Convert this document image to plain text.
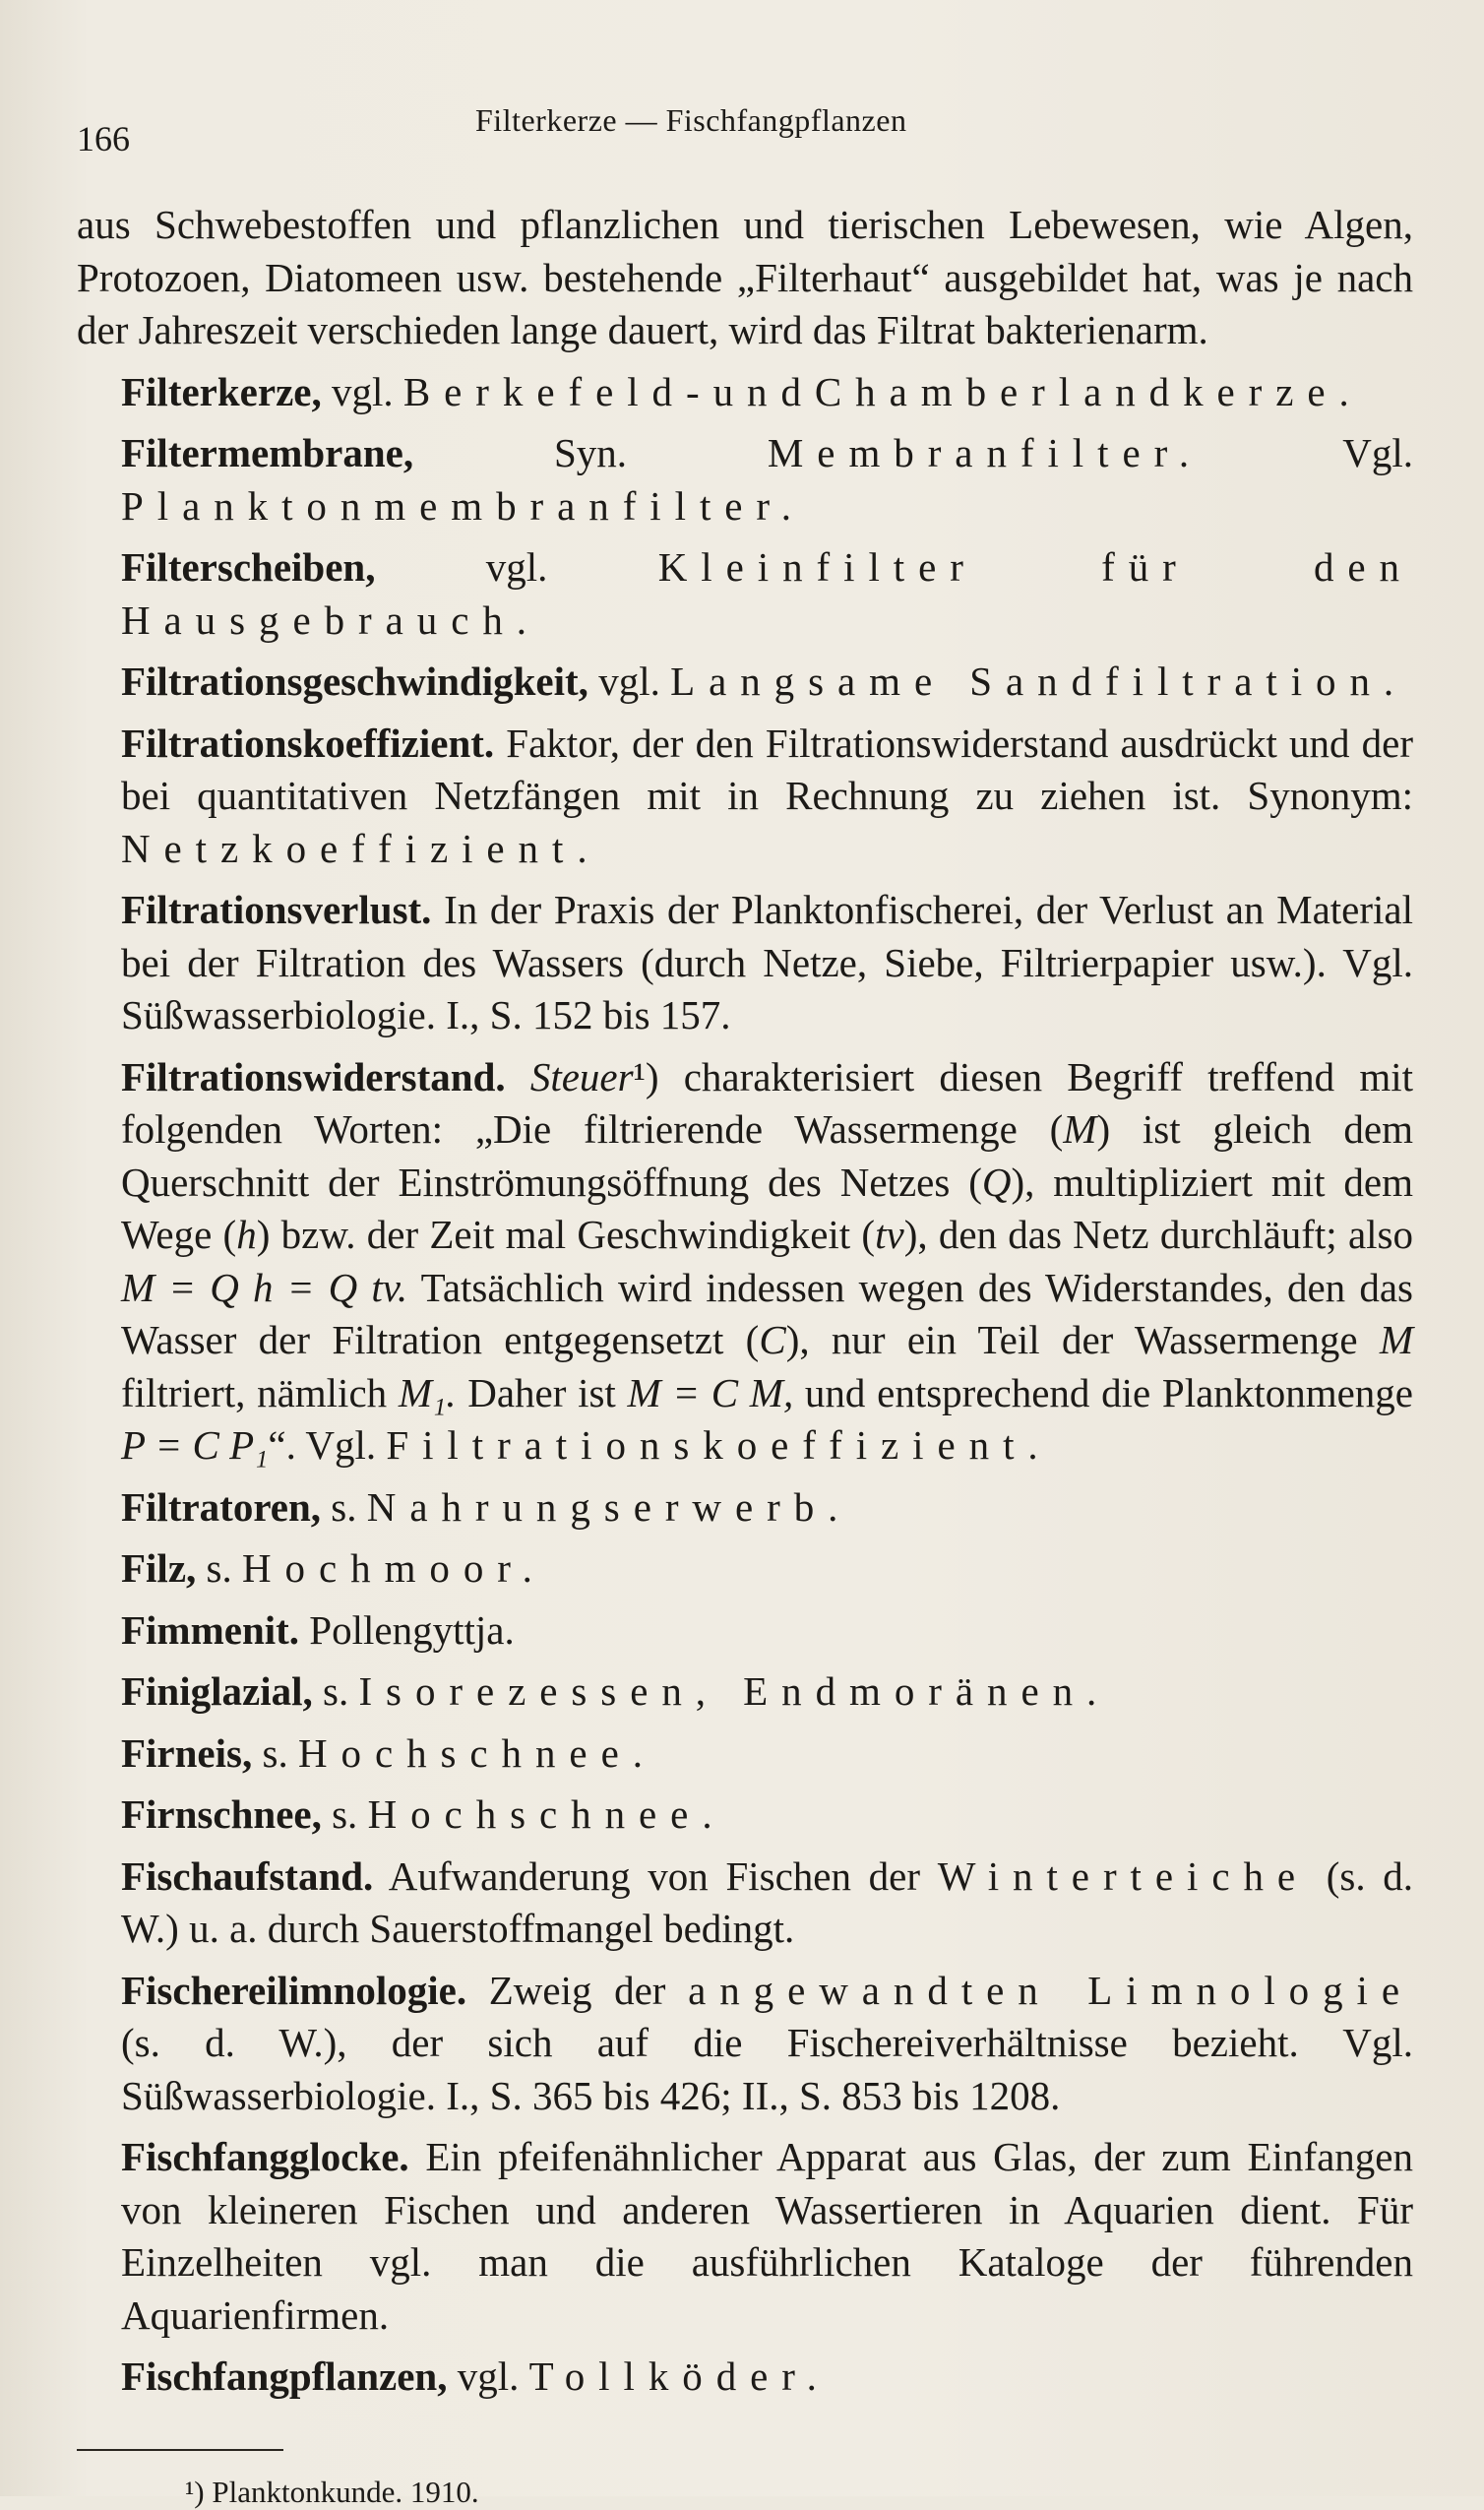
166	Filterkerze — Fischfangpflanzen

aus Schwebestoffen und pflanzlichen und tierischen Lebewesen, wie Algen, Protozoen, Diatomeen usw. bestehende „Filterhaut“ ausgebildet hat, was je nach der Jahreszeit verschieden lange dauert, wird das Filtrat bakterienarm.

Filterkerze, vgl. Berkefeld-undChamberlandkerze.

Filtermembrane, Syn. Membranfilter. Vgl. Planktonmembranfilter.

Filterscheiben, vgl. Kleinfilter für den Hausgebrauch.

Filtrationsgeschwindigkeit, vgl. Langsame Sandfiltration.

Filtrationskoeffizient. Faktor, der den Filtrationswiderstand ausdrückt und der bei quantitativen Netzfängen mit in Rechnung zu ziehen ist. Synonym: Netzkoeffizient.

Filtrationsverlust. In der Praxis der Planktonfischerei, der Verlust an Material bei der Filtration des Wassers (durch Netze, Siebe, Filtrierpapier usw.). Vgl. Süßwasserbiologie. I., S. 152 bis 157.

Filtrationswiderstand. Steuer¹) charakterisiert diesen Begriff treffend mit folgenden Worten: „Die filtrierende Wassermenge (M) ist gleich dem Querschnitt der Einströmungsöffnung des Netzes (Q), multipliziert mit dem Wege (h) bzw. der Zeit mal Geschwindigkeit (tv), den das Netz durchläuft; also M = Q h = Q tv. Tatsächlich wird indessen wegen des Widerstandes, den das Wasser der Filtration entgegensetzt (C), nur ein Teil der Wassermenge M filtriert, nämlich M₁. Daher ist M = C M, und entsprechend die Planktonmenge P = C P₁“. Vgl. Filtrationskoeffizient.

Filtratoren, s. Nahrungserwerb.

Filz, s. Hochmoor.

Fimmenit. Pollengyttja.

Finiglazial, s. Isorezessen, Endmoränen.

Firneis, s. Hochschnee.

Firnschnee, s. Hochschnee.

Fischaufstand. Aufwanderung von Fischen der Winterteiche (s. d. W.) u. a. durch Sauerstoffmangel bedingt.

Fischereilimnologie. Zweig der angewandten Limnologie (s. d. W.), der sich auf die Fischereiverhältnisse bezieht. Vgl. Süßwasserbiologie. I., S. 365 bis 426; II., S. 853 bis 1208.

Fischfangglocke. Ein pfeifenähnlicher Apparat aus Glas, der zum Einfangen von kleineren Fischen und anderen Wassertieren in Aquarien dient. Für Einzelheiten vgl. man die ausführlichen Kataloge der führenden Aquarienfirmen.

Fischfangpflanzen, vgl. Tollköder.

¹) Planktonkunde. 1910.
